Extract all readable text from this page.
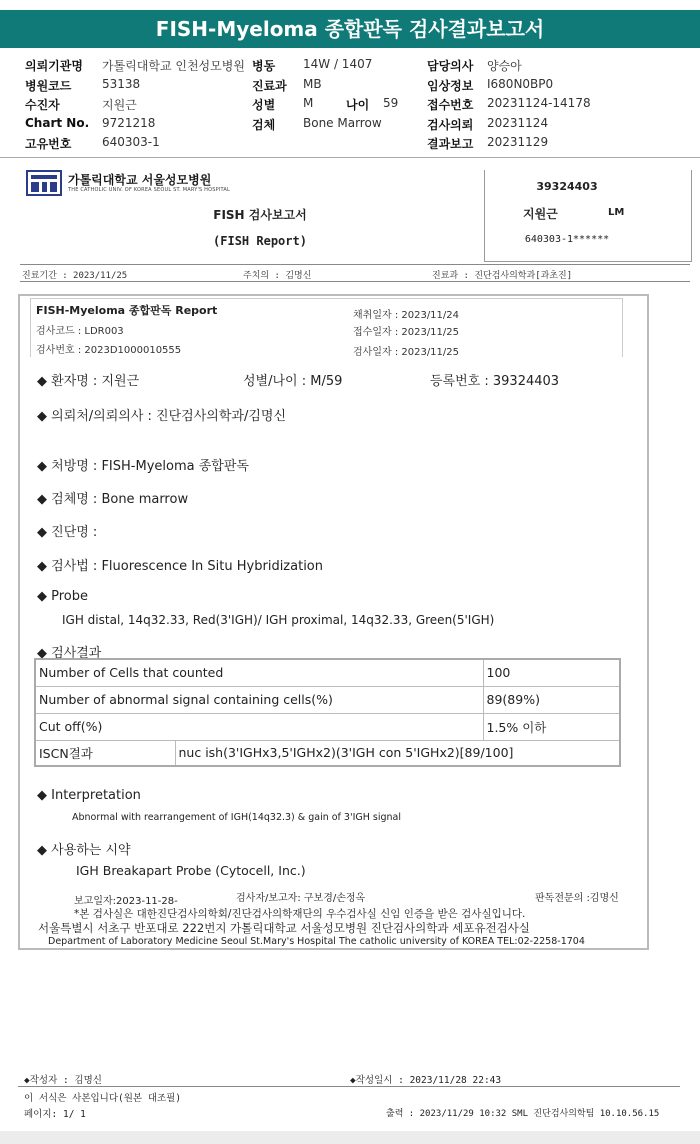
FISH-Myeloma 종합판독 검사결과보고서
의뢰기관명 가톨릭대학교 인천성모병원 병동 14W / 1407	담당의사 양승아
병원코드	53138	진료과 MB	임상정보 I680N0BP0
수진자	지원근	성별 M	나이 59 접수번호 20231124-14178
Chart No. 9721218	검체 Bone Marrow	검사의뢰 20231124
고유번호	640303-1	결과보고 20231129
가톨릭대학교 서울성모병원
THE CATHOLIC UNIV. OF KOREA SEOUL ST. MARY'S HOSPITAL
FISH 검사보고서
(FISH Report)
39324403
지원근	LM
640303-1******
진료기간 : 2023/11/25	주치의 : 김명신	진료과 : 진단검사의학과[과초진]
FISH-Myeloma 종합판독 Report
검사코드 : LDR003
검사번호 : 2023D1000010555
채취일자 : 2023/11/24
접수일자 : 2023/11/25
검사일자 : 2023/11/25
◆ 환자명 : 지원근	성별/나이 : M/59	등록번호 : 39324403
◆ 의뢰처/의뢰의사 : 진단검사의학과/김명신
◆ 처방명 : FISH-Myeloma 종합판독
◆ 검체명 : Bone marrow
◆ 진단명 :
◆ 검사법 : Fluorescence In Situ Hybridization
◆ Probe
IGH distal, 14q32.33, Red(3'IGH)/ IGH proximal, 14q32.33, Green(5'IGH)
◆ 검사결과
Number of Cells that counted		100
Number of abnormal signal containing cells(%)		89(89%)
Cut off(%)		1.5% 이하
ISCN결과	nuc ish(3'IGHx3,5'IGHx2)(3'IGH con 5'IGHx2)[89/100]	
◆ Interpretation
Abnormal with rearrangement of IGH(14q32.3) & gain of 3'IGH signal
◆ 사용하는 시약
IGH Breakapart Probe (Cytocell, Inc.)
보고일자:2023-11-28-	검사자/보고자: 구보경/손정옥	판독전문의 :김명신
*본 검사실은 대한진단검사의학회/진단검사의학재단의 우수검사실 신임 인증을 받은 검사실입니다.
서울특별시 서초구 반포대로 222번지 가톨릭대학교 서울성모병원 진단검사의학과 세포유전검사실
Department of Laboratory Medicine Seoul St.Mary's Hospital The catholic university of KOREA TEL:02-2258-1704
◆작성자 : 김명신	◆작성일시 : 2023/11/28 22:43
이 서식은 사본입니다(원본 대조필)
페이지: 1/ 1	출력 : 2023/11/29 10:32 SML 진단검사의학팀 10.10.56.15
